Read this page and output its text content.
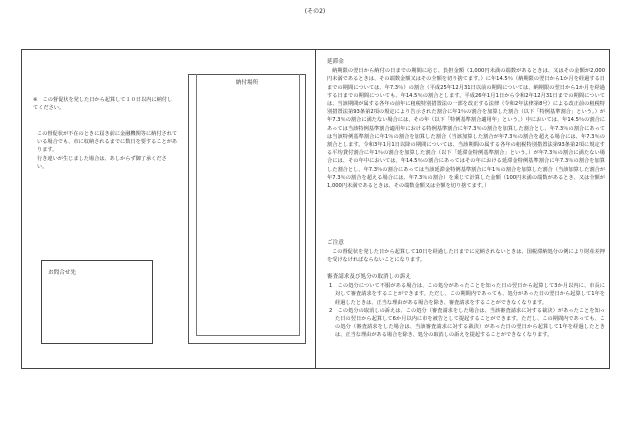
(その2)
※　この督促状を発した日から起算して１０日以内に納付してください。
この督促状が不在のときに届き前に金融機関等に納付されている場合でも、市に収納されるまでに数日を要することがあります。
行き違いが生じました場合は、あしからず御了承ください。
お問合せ先
納付場所
延滞金
納期限の翌日から納付の日までの期間に応じ、負担金額（1,000円未満の端数があるときは、又はその金額が2,000円未満であるときは、その端数金額又はその全額を切り捨てます。）に年14.5％（納期限の翌日から1か月を経過する日までの期間については、年7.3％）の割合（平成25年12月31日以前の期間については、納期限の翌日から1か月を経過する日までの期間についても、年14.5％の割合とします。平成26年1月1日から令和2年12月31日までの期間については、当該期間が属する各年の前年に租税特別措置法の一部を改正する法律（令和2年法律第8号）による改正前の租税特別措置法第93条第2項の規定により告示された割合に年1％の割合を加算した割合（以下「特例基準割合」という。）が年7.3％の割合に満たない場合には、その年（以下「特例基準割合適用年」という。）中においては、年14.5％の割合にあっては当該特例基準割合適用年における特例基準割合に年7.3％の割合を加算した割合とし、年7.3％の割合にあっては当該特例基準割合に年1％の割合を加算した割合（当該加算した割合が年7.3％の割合を超える場合には、年7.3％の割合とします。令和3年1月1日以降の期間については、当該期間の属する各年の租税特別措置法第93条第2項に規定する平均貸付割合に年1％の割合を加算した割合（以下「延滞金特例基準割合」という。）が年7.3％の割合に満たない場合には、その年中においては、年14.5％の割合にあってはその年における延滞金特例基準割合に年7.3％の割合を加算した割合とし、年7.3％の割合にあっては当該延滞金特例基準割合に年1％の割合を加算した割合（当該加算した割合が年7.3％の割合を超える場合には、年7.3％の割合）を乗じて計算した金額（100円未満の端数があるとき、又は全額が1,000円未満であるときは、その端数金額又は全額を切り捨てます。）
ご注意
この督促状を発した日から起算して10日を経過した日までに完納されないときは、国税滞納処分の例により財産差押を受けなければならないことになります。
審査請求及び処分の取消しの訴え
1　この処分について不服がある場合は、この処分があったことを知った日の翌日から起算して3か月以内に、市長に対して審査請求をすることができます。ただし、この期間内であっても、処分があった日の翌日から起算して1年を経過したときは、正当な理由がある場合を除き、審査請求をすることができなくなります。
2　この処分の取消しの訴えは、この処分（審査請求をした場合は、当該審査請求に対する裁決）があったことを知った日の翌日から起算して6か月以内に市を被告として提起することができます。ただし、この期間内であっても、この処分（審査請求をした場合は、当該審査請求に対する裁決）があった日の翌日から起算して1年を経過したときは、正当な理由がある場合を除き、処分の取消しの訴えを提起することができなくなります。
